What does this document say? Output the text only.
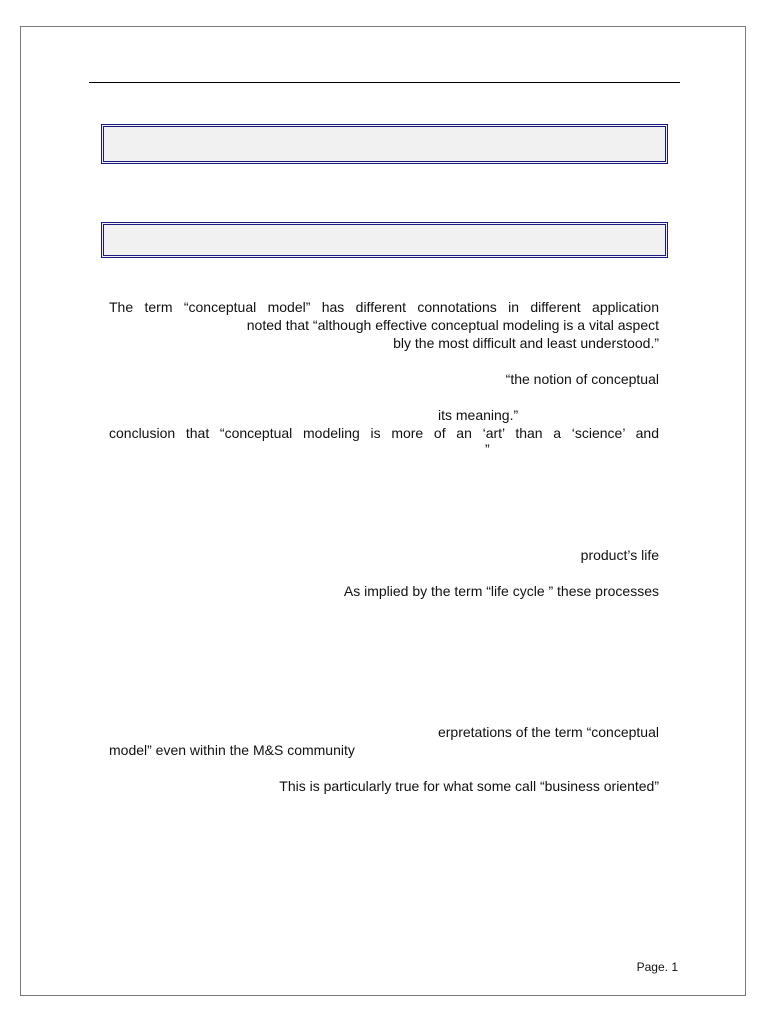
The term “conceptual model” has different connotations in different application
noted that “although effective conceptual modeling is a vital aspect
bly the most difficult and least understood.”
“the notion of conceptual
its meaning.”
conclusion that “conceptual modeling is more of an ‘art’ than a ‘science’ and
”
product’s life
As implied by the term “life cycle ” these processes
erpretations of the term “conceptual
model” even within the M&S community
This is particularly true for what some call “business oriented”
Page. 1
